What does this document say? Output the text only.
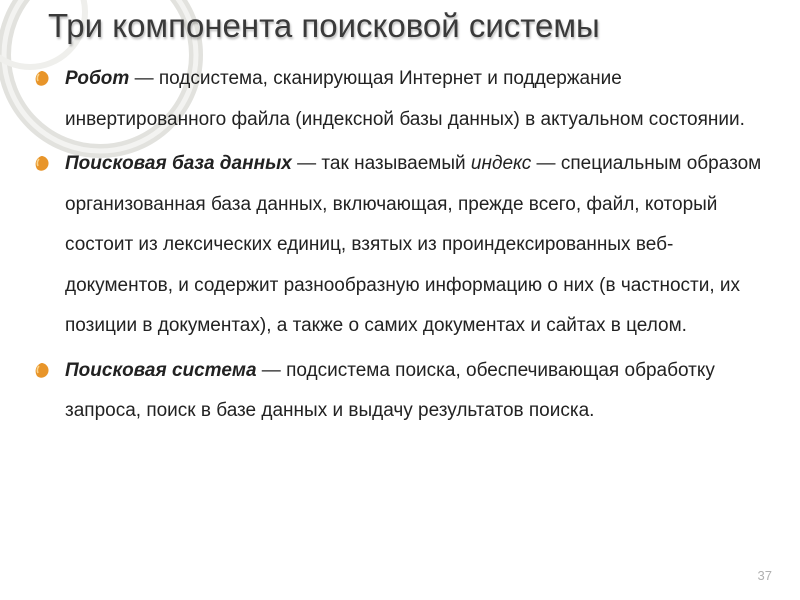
Три компонента поисковой системы
Робот — подсистема, сканирующая Интернет и поддержание инвертированного файла (индексной базы данных) в актуальном состоянии.
Поисковая база данных — так называемый индекс — специальным образом организованная база данных, включающая, прежде всего, файл, который состоит из лексических единиц, взятых из проиндексированных веб-документов, и содержит разнообразную информацию о них (в частности, их позиции в документах), а также о самих документах и сайтах в целом.
Поисковая система — подсистема поиска, обеспечивающая обработку запроса, поиск в базе данных и выдачу результатов поиска.
37
